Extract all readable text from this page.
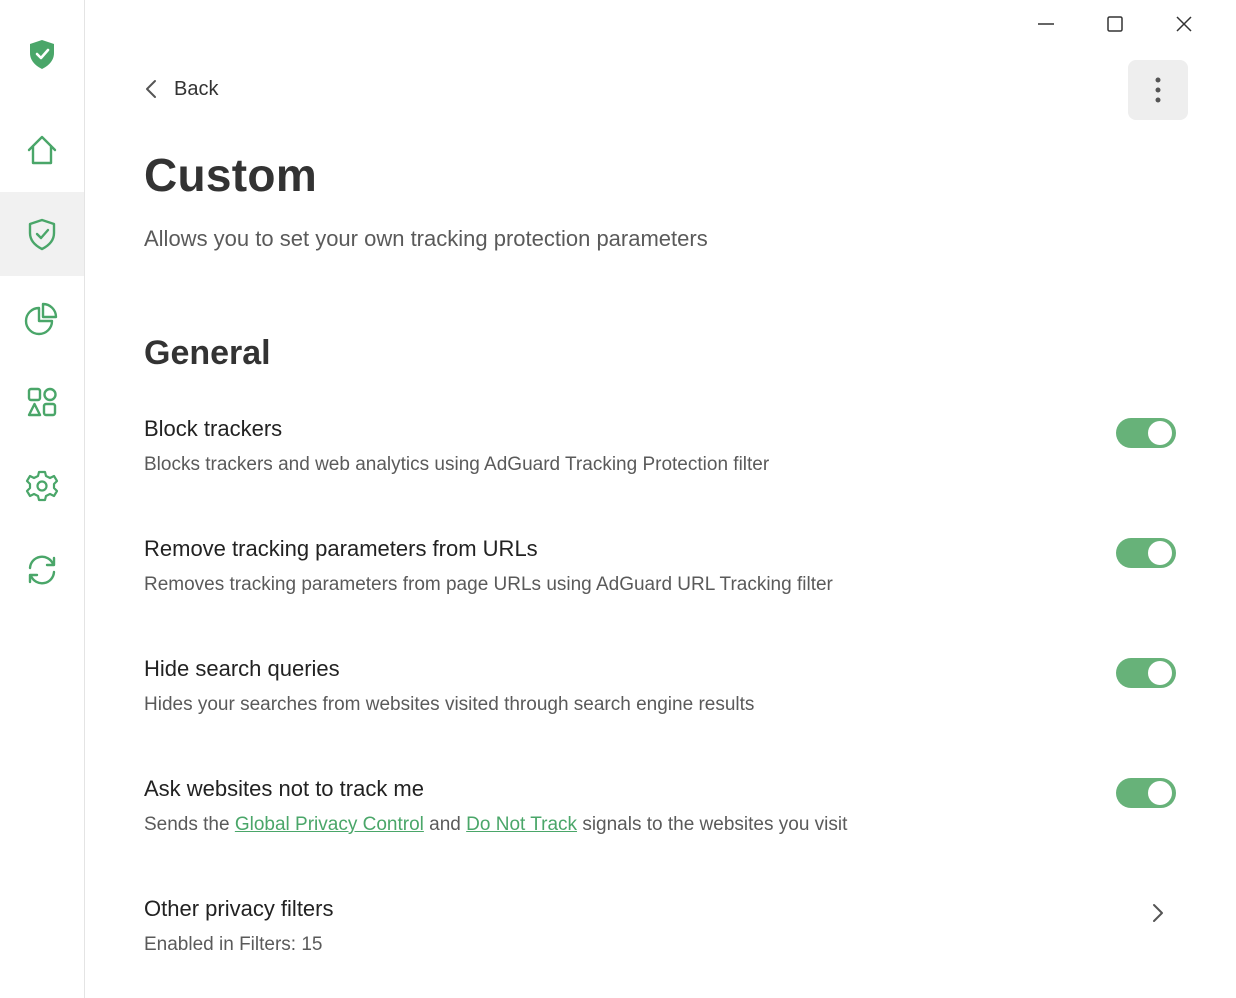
Back
Custom

Allows you to set your own tracking protection parameters

General
Block trackers
Blocks trackers and web analytics using AdGuard Tracking Protection filter
Remove tracking parameters from URLs
Removes tracking parameters from page URLs using AdGuard URL Tracking filter
Hide search queries
Hides your searches from websites visited through search engine results
Ask websites not to track me
Sends the Global Privacy Control and Do Not Track signals to the websites you visit
Other privacy filters
Enabled in Filters: 15
